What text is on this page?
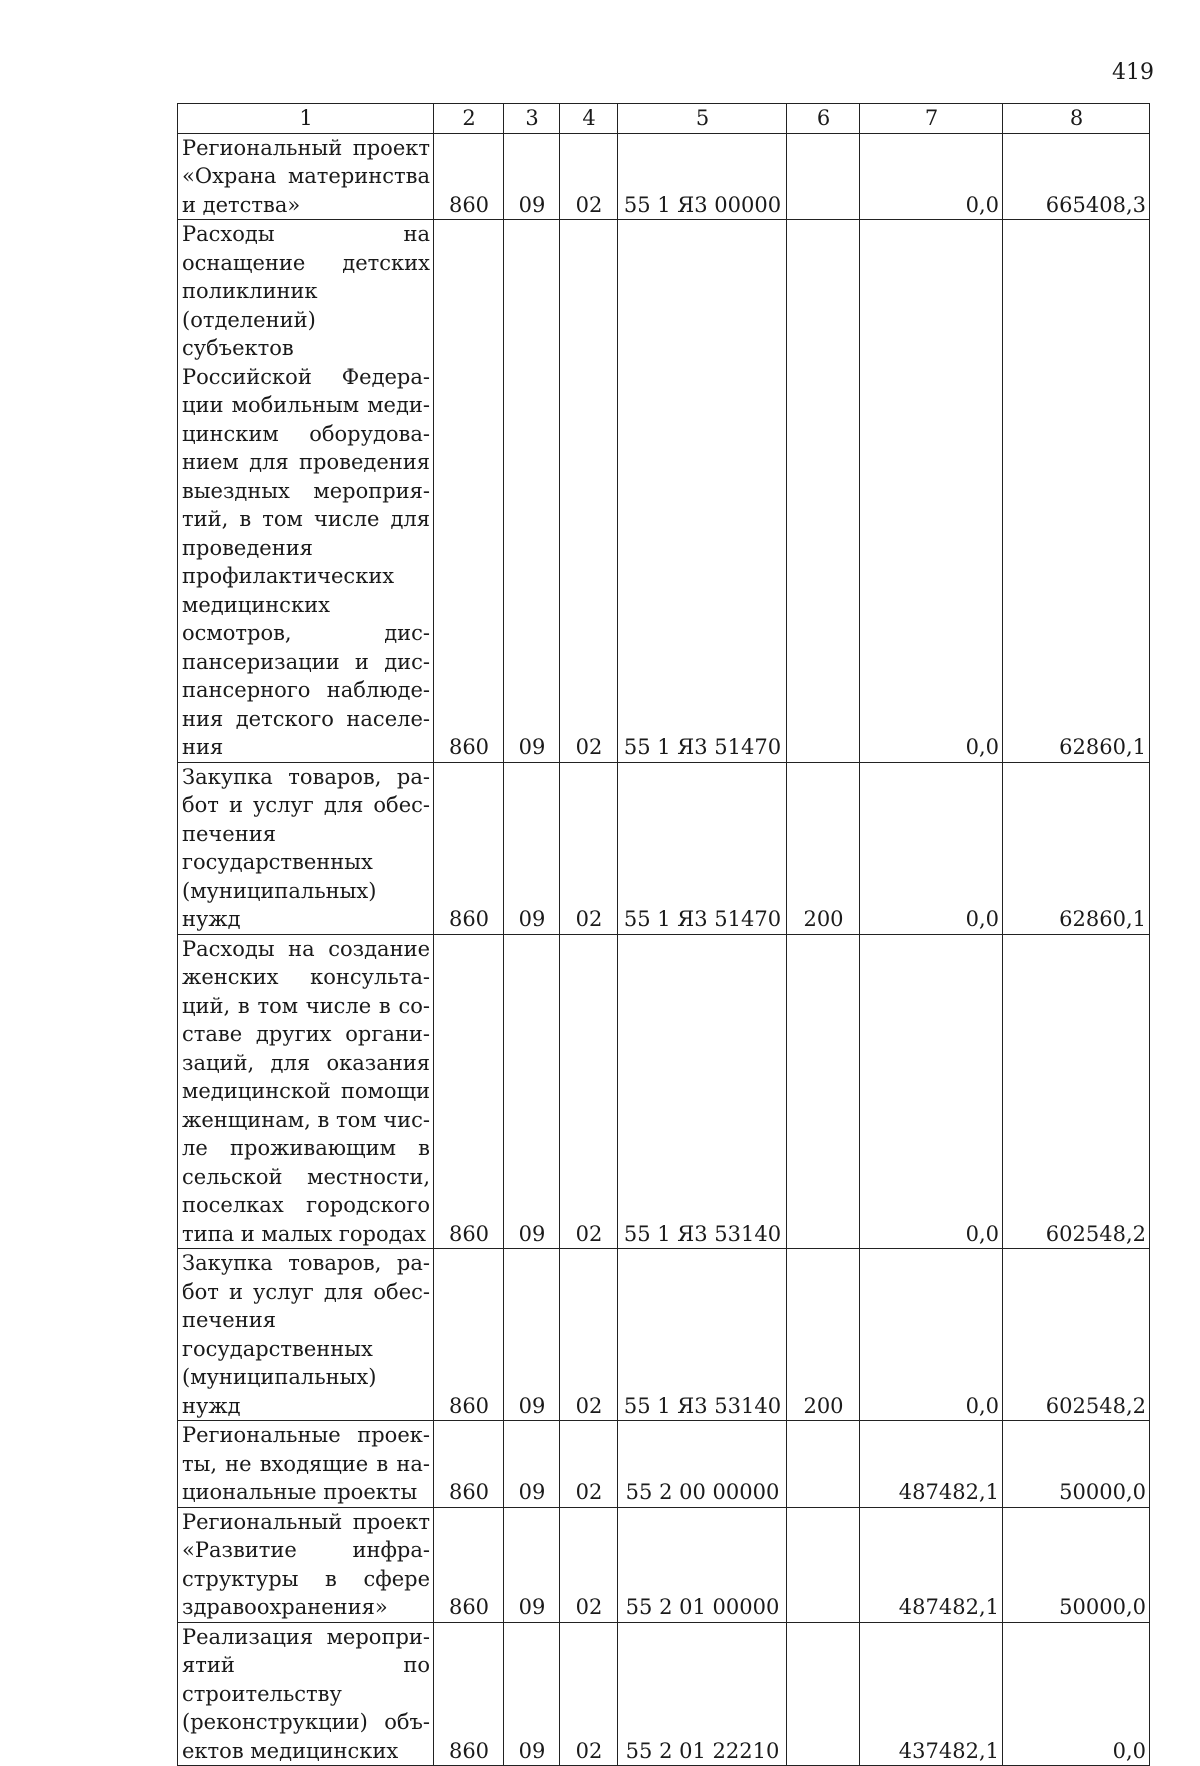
419
1	2	3	4	5	6	7	8
Региональный проект «Охрана материнства и детства»	860	09	02	55 1 Я3 00000		0,0	665408,3
Расходы на оснащение детских поликлиник (отделений) субъектов Российской Федерации мобильным медицинским оборудованием для проведения выездных мероприятий, в том числе для проведения профилактических медицинских осмотров, диспансеризации и диспансерного наблюдения детского населения	860	09	02	55 1 Я3 51470		0,0	62860,1
Закупка товаров, работ и услуг для обеспечения государственных (муниципальных) нужд	860	09	02	55 1 Я3 51470	200	0,0	62860,1
Расходы на создание женских консультаций, в том числе в составе других организаций, для оказания медицинской помощи женщинам, в том числе проживающим в сельской местности, поселках городского типа и малых городах	860	09	02	55 1 Я3 53140		0,0	602548,2
Закупка товаров, работ и услуг для обеспечения государственных (муниципальных) нужд	860	09	02	55 1 Я3 53140	200	0,0	602548,2
Региональные проекты, не входящие в национальные проекты	860	09	02	55 2 00 00000		487482,1	50000,0
Региональный проект «Развитие инфраструктуры в сфере здравоохранения»	860	09	02	55 2 01 00000		487482,1	50000,0
Реализация мероприятий по строительству (реконструкции) объектов медицинских	860	09	02	55 2 01 22210		437482,1	0,0
